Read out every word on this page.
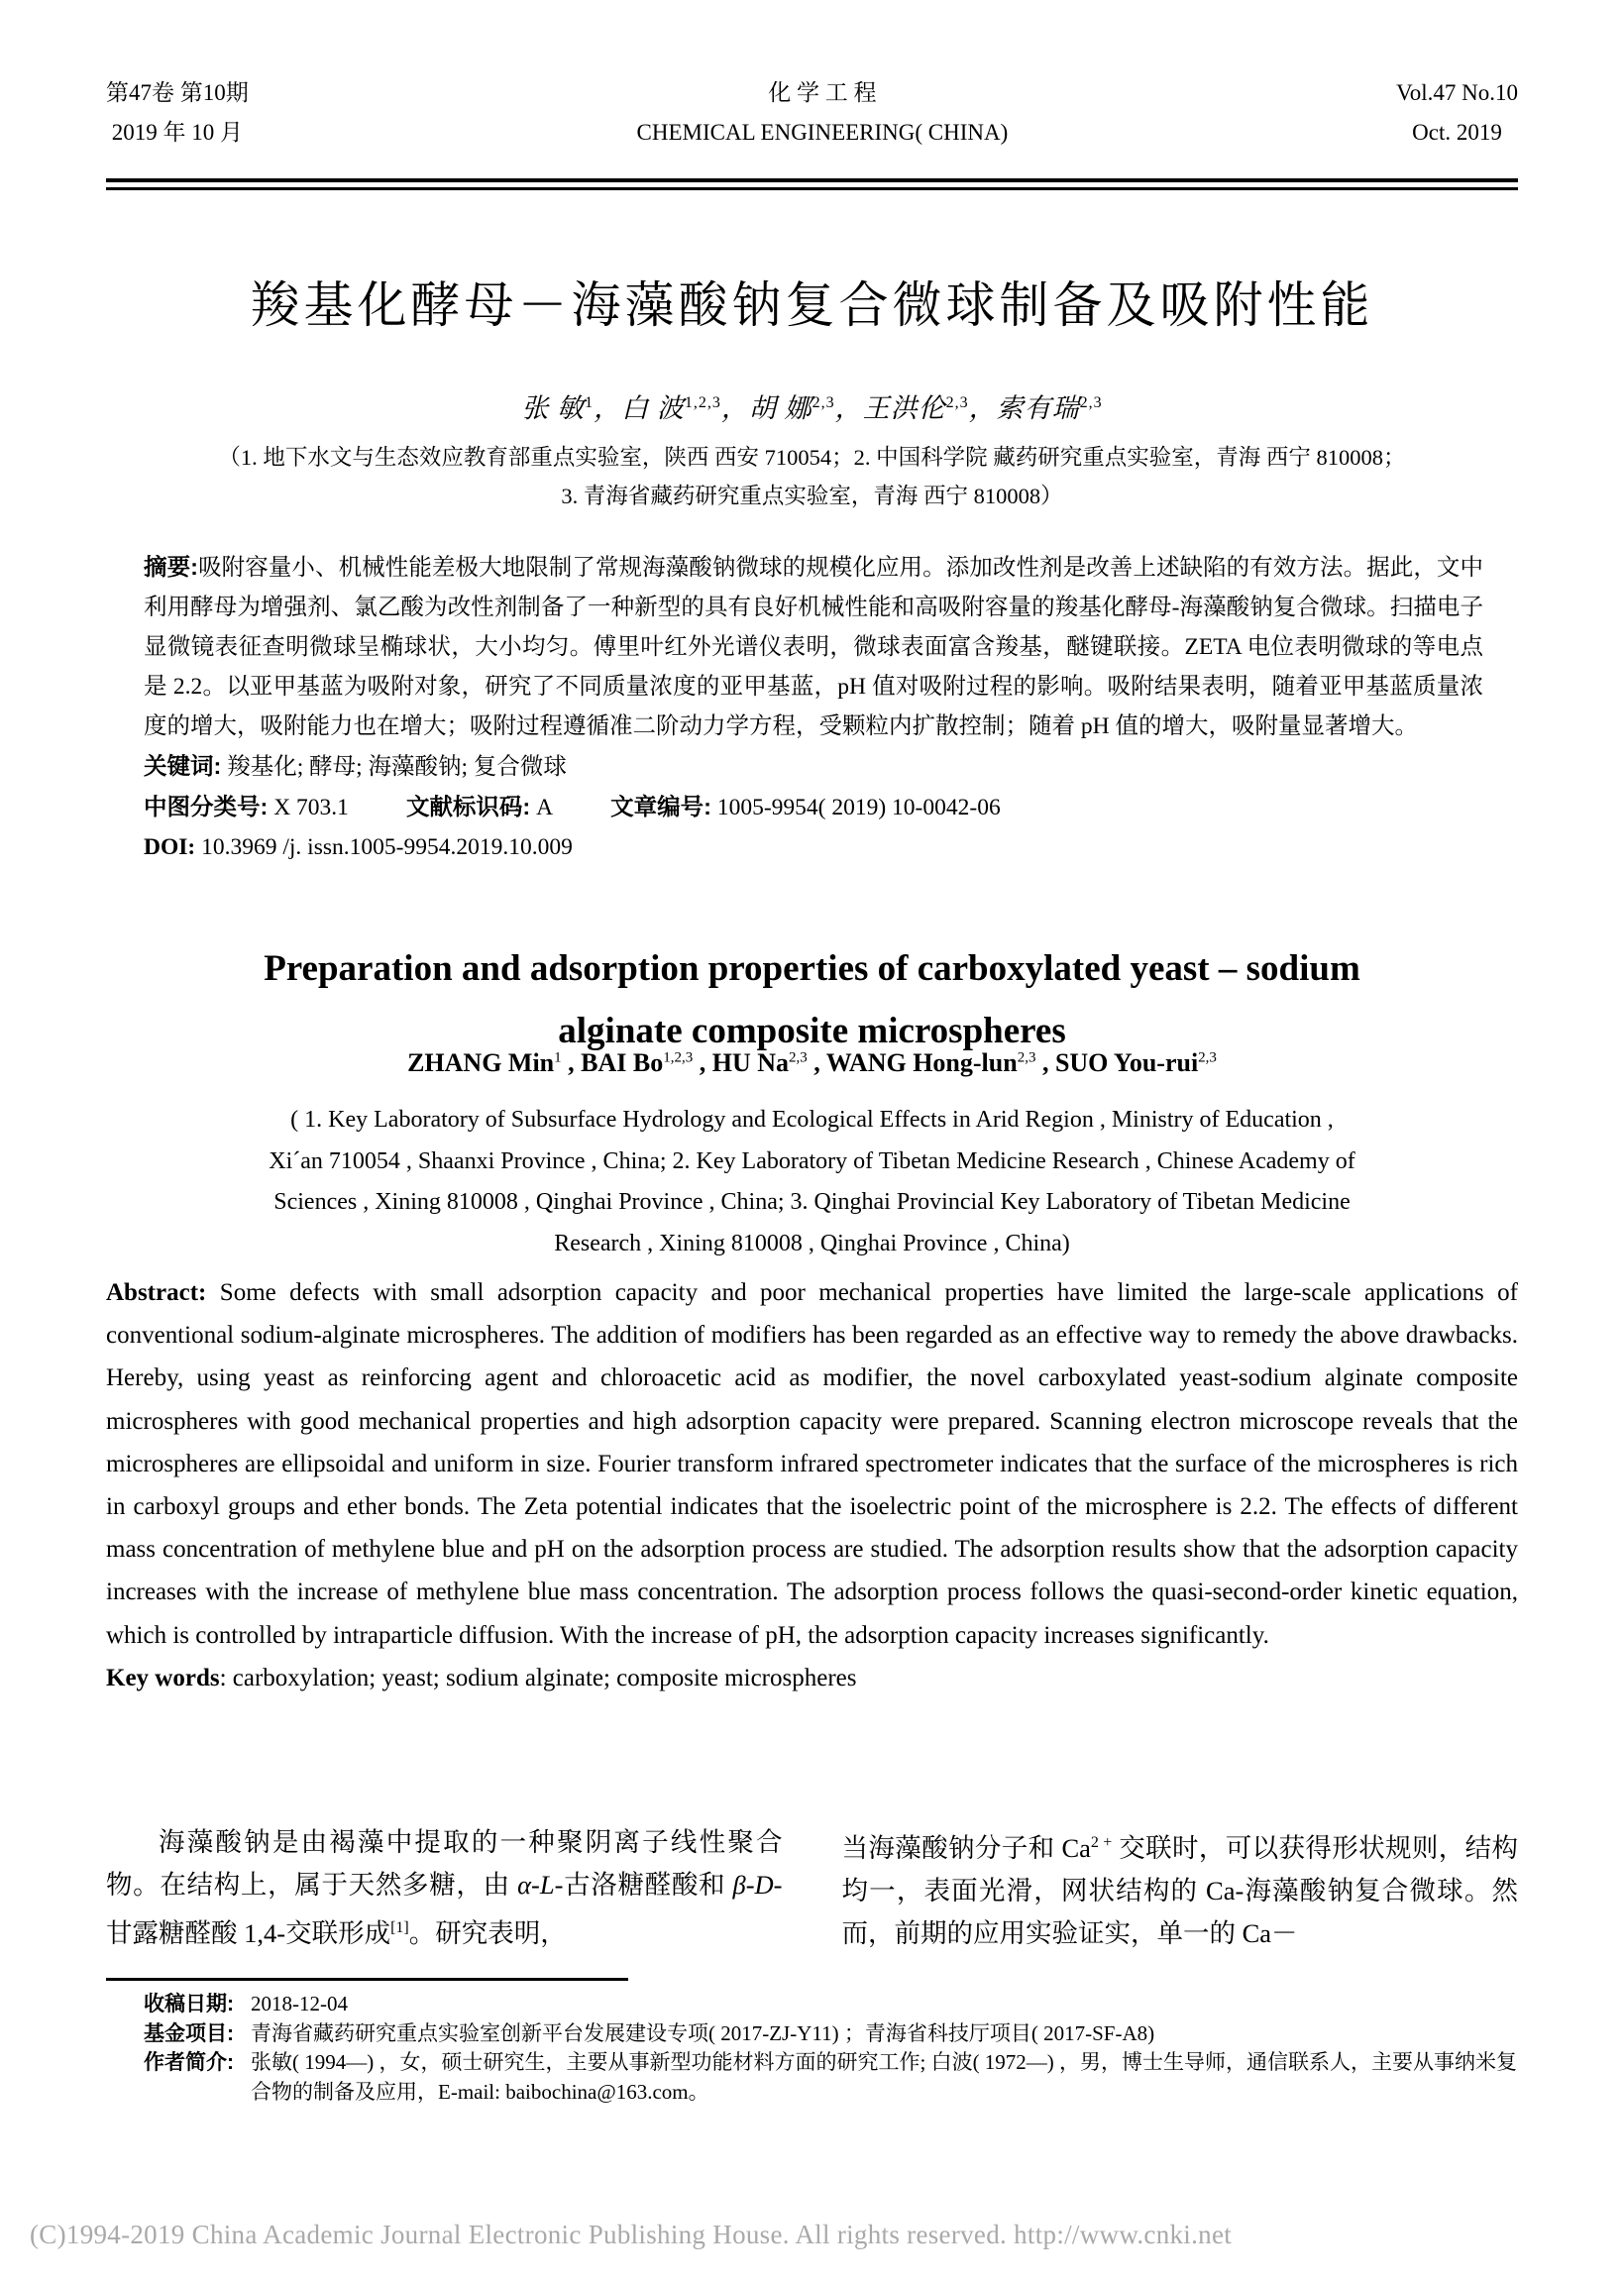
第47卷 第10期
2019 年 10 月
化 学 工 程
CHEMICAL ENGINEERING( CHINA)
Vol.47 No.10
Oct. 2019
羧基化酵母－海藻酸钠复合微球制备及吸附性能
张 敏$^1$，白 波$^{1,2,3}$，胡 娜$^{2,3}$，王洪伦$^{2,3}$，索有瑞$^{2,3}$
（1. 地下水文与生态效应教育部重点实验室，陕西 西安 710054；2. 中国科学院 藏药研究重点实验室，青海 西宁 810008；
3. 青海省藏药研究重点实验室，青海 西宁 810008）

摘要:吸附容量小、机械性能差极大地限制了常规海藻酸钠微球的规模化应用。添加改性剂是改善上述缺陷的有效方法。据此，文中利用酵母为增强剂、氯乙酸为改性剂制备了一种新型的具有良好机械性能和高吸附容量的羧基化酵母-海藻酸钠复合微球。扫描电子显微镜表征查明微球呈椭球状，大小均匀。傅里叶红外光谱仪表明，微球表面富含羧基，醚键联接。ZETA 电位表明微球的等电点是 2.2。以亚甲基蓝为吸附对象，研究了不同质量浓度的亚甲基蓝，pH 值对吸附过程的影响。吸附结果表明，随着亚甲基蓝质量浓度的增大，吸附能力也在增大；吸附过程遵循准二阶动力学方程，受颗粒内扩散控制；随着 pH 值的增大，吸附量显著增大。

关键词: 羧基化; 酵母; 海藻酸钠; 复合微球

中图分类号: X 703.1 文献标识码: A 文章编号: 1005-9954( 2019) 10-0042-06

DOI: 10.3969 /j. issn.1005-9954.2019.10.009

Preparation and adsorption properties of carboxylated yeast – sodium
alginate composite microspheres
ZHANG Min$^1$ , BAI Bo$^{1,2,3}$ , HU Na$^{2,3}$ , WANG Hong-lun$^{2,3}$ , SUO You-rui$^{2,3}$
( 1. Key Laboratory of Subsurface Hydrology and Ecological Effects in Arid Region , Ministry of Education ,
Xi´an 710054 , Shaanxi Province , China; 2. Key Laboratory of Tibetan Medicine Research , Chinese Academy of
Sciences , Xining 810008 , Qinghai Province , China; 3. Qinghai Provincial Key Laboratory of Tibetan Medicine
Research , Xining 810008 , Qinghai Province , China)

Abstract: Some defects with small adsorption capacity and poor mechanical properties have limited the large-scale applications of conventional sodium-alginate microspheres. The addition of modifiers has been regarded as an effective way to remedy the above drawbacks. Hereby, using yeast as reinforcing agent and chloroacetic acid as modifier, the novel carboxylated yeast-sodium alginate composite microspheres with good mechanical properties and high adsorption capacity were prepared. Scanning electron microscope reveals that the microspheres are ellipsoidal and uniform in size. Fourier transform infrared spectrometer indicates that the surface of the microspheres is rich in carboxyl groups and ether bonds. The Zeta potential indicates that the isoelectric point of the microsphere is 2.2. The effects of different mass concentration of methylene blue and pH on the adsorption process are studied. The adsorption results show that the adsorption capacity increases with the increase of methylene blue mass concentration. The adsorption process follows the quasi-second-order kinetic equation, which is controlled by intraparticle diffusion. With the increase of pH, the adsorption capacity increases significantly.

Key words: carboxylation; yeast; sodium alginate; composite microspheres

海藻酸钠是由褐藻中提取的一种聚阴离子线性聚合物。在结构上，属于天然多糖，由 α-L-古洛糖醛酸和 β-D-甘露糖醛酸 1,4-交联形成[1]。研究表明，

当海藻酸钠分子和 Ca$^{2 +}$ 交联时，可以获得形状规则，结构均一，表面光滑，网状结构的 Ca-海藻酸钠复合微球。然而，前期的应用实验证实，单一的 Ca－

收稿日期: 2018-12-04
基金项目: 青海省藏药研究重点实验室创新平台发展建设专项( 2017-ZJ-Y11) ；青海省科技厅项目( 2017-SF-A8)
作者简介: 张敏( 1994—) ，女，硕士研究生，主要从事新型功能材料方面的研究工作; 白波( 1972—) ，男，博士生导师，通信联系人，主要从事纳米复合物的制备及应用，E-mail: baibochina@163.com。
(C)1994-2019 China Academic Journal Electronic Publishing House. All rights reserved. http://www.cnki.net
